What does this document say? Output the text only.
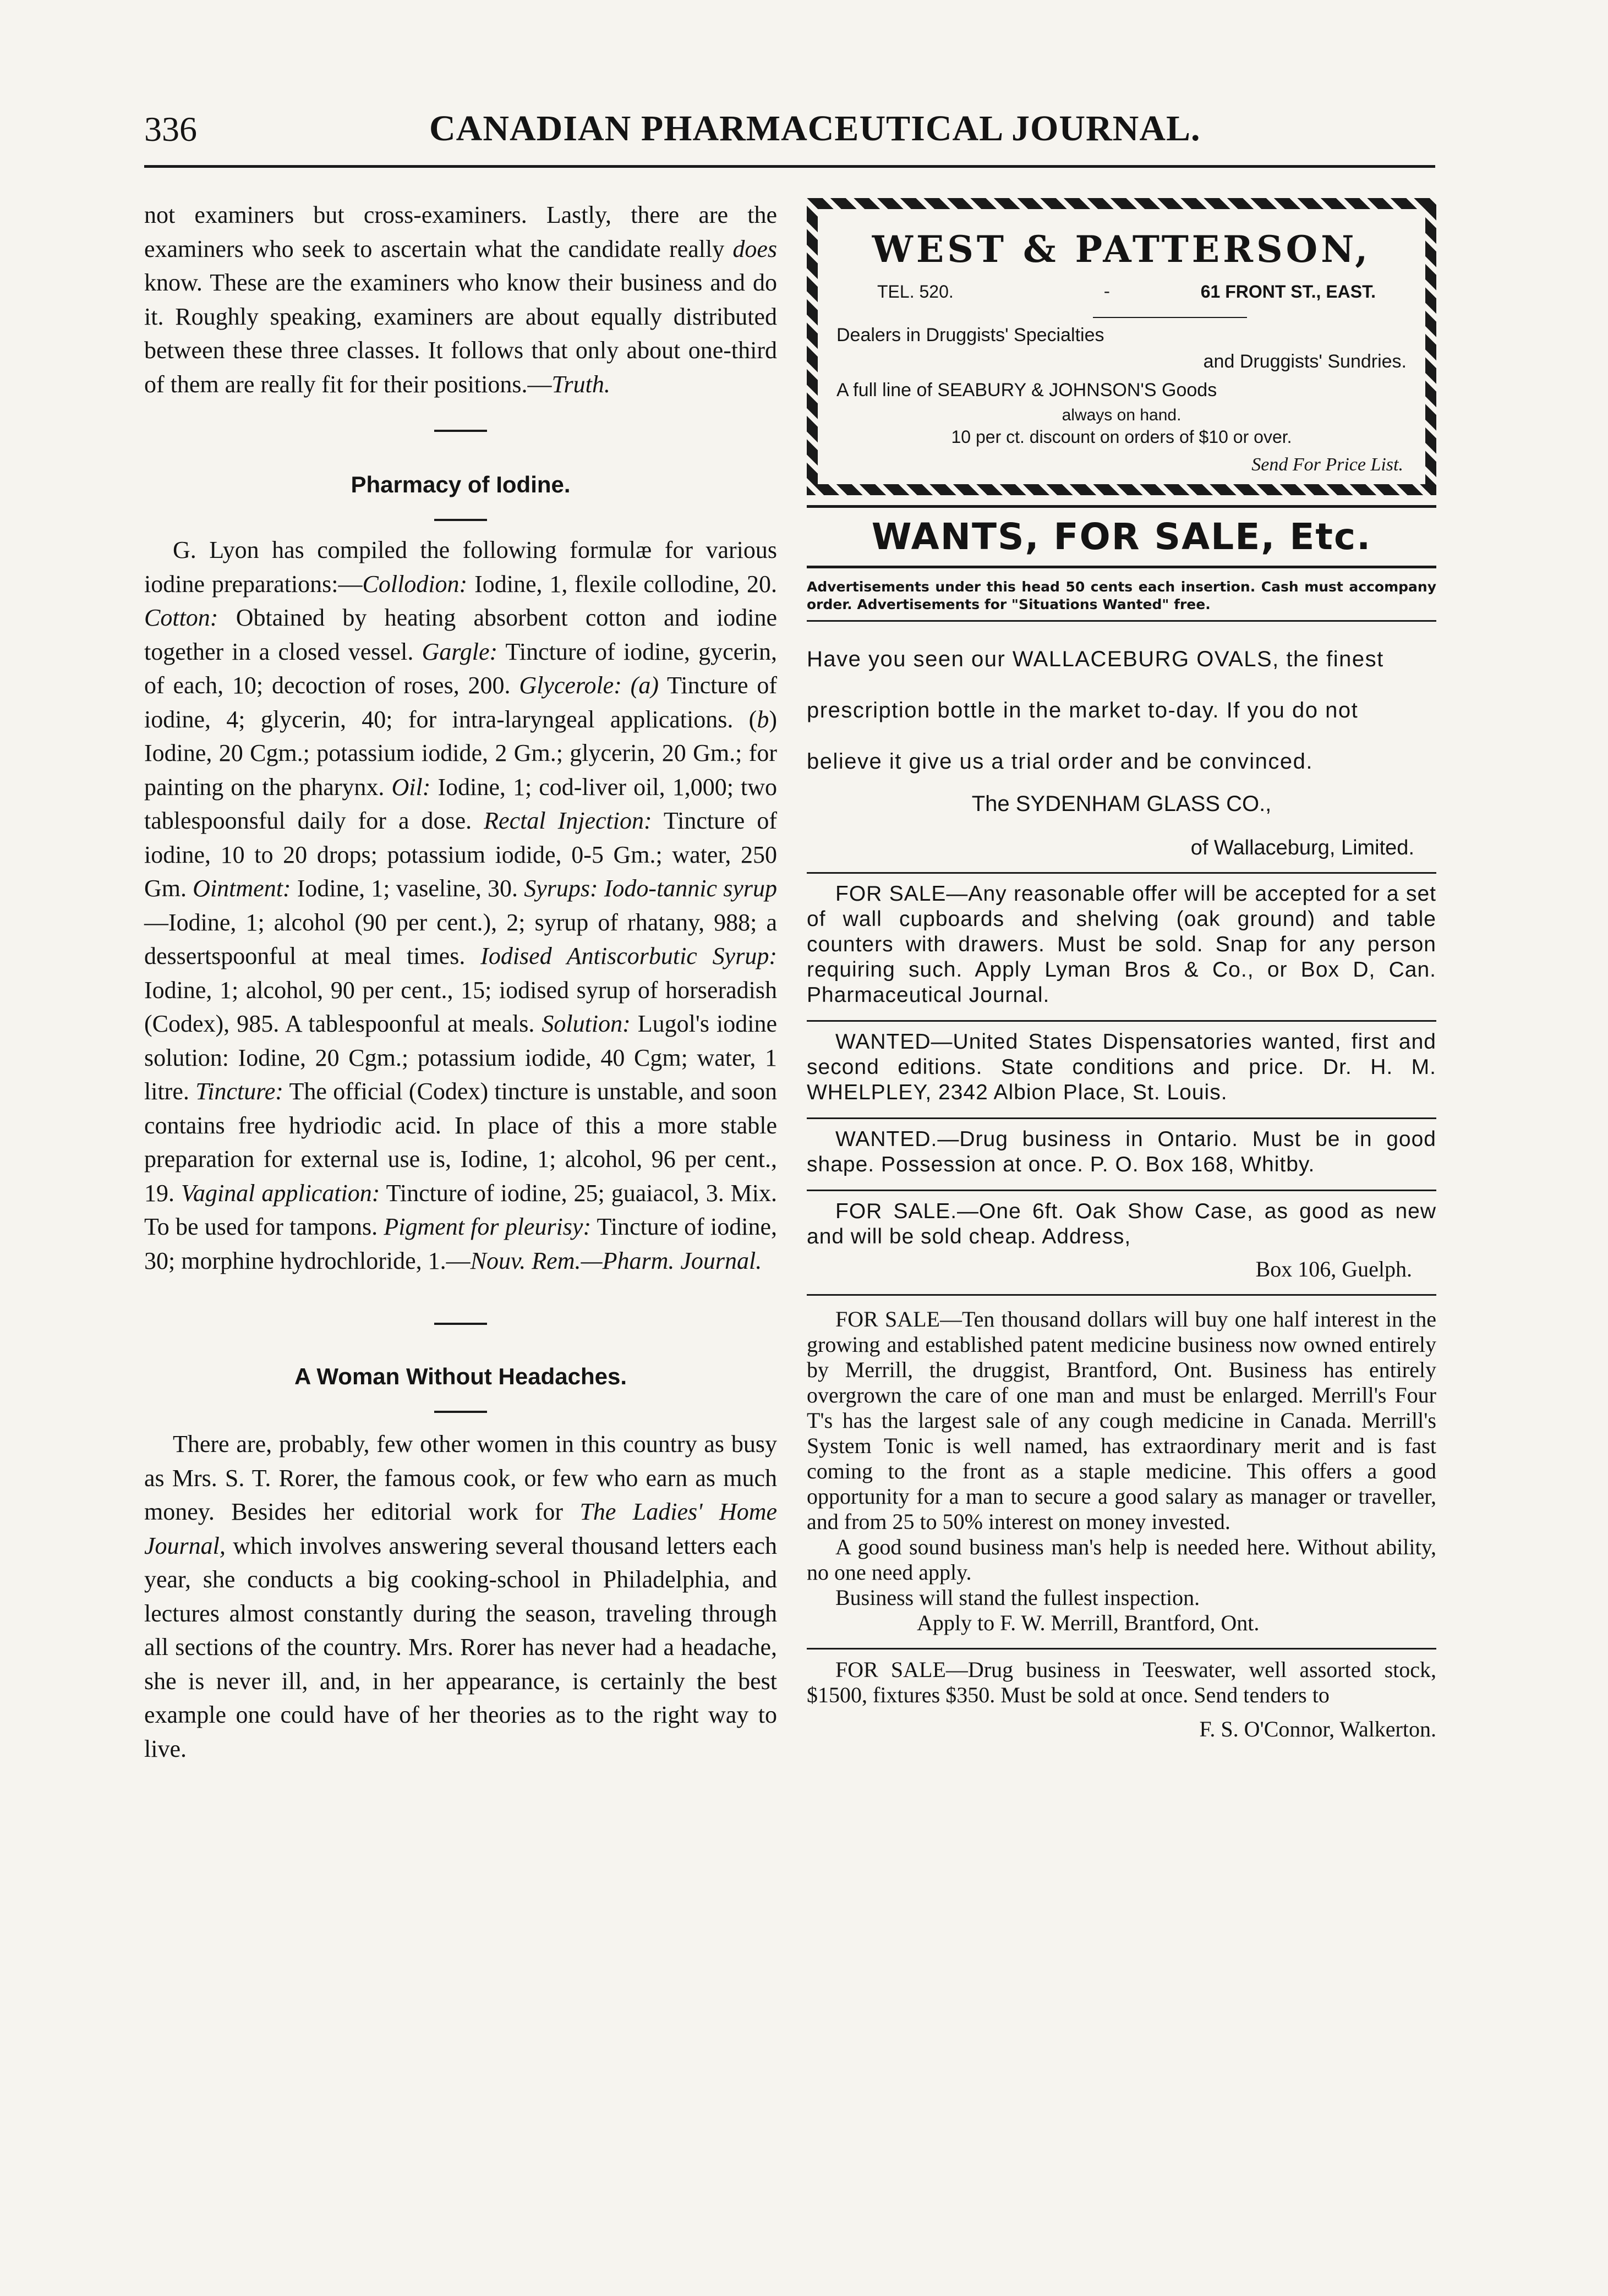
336	CANADIAN PHARMACEUTICAL JOURNAL.

not examiners but cross-examiners. Lastly, there are the examiners who seek to ascertain what the candidate really does know. These are the examiners who know their business and do it. Roughly speaking, examiners are about equally distributed between these three classes. It follows that only about one-third of them are really fit for their positions.—Truth.

Pharmacy of Iodine.

G. Lyon has compiled the following formulæ for various iodine preparations:—Collodion: Iodine, 1, flexile collodine, 20. Cotton: Obtained by heating absorbent cotton and iodine together in a closed vessel. Gargle: Tincture of iodine, gycerin, of each, 10; decoction of roses, 200. Glycerole: (a) Tincture of iodine, 4; glycerin, 40; for intra-laryngeal applications. (b) Iodine, 20 Cgm.; potassium iodide, 2 Gm.; glycerin, 20 Gm.; for painting on the pharynx. Oil: Iodine, 1; cod-liver oil, 1,000; two tablespoonsful daily for a dose. Rectal Injection: Tincture of iodine, 10 to 20 drops; potassium iodide, 0-5 Gm.; water, 250 Gm. Ointment: Iodine, 1; vaseline, 30. Syrups: Iodo-tannic syrup—Iodine, 1; alcohol (90 per cent.), 2; syrup of rhatany, 988; a dessertspoonful at meal times. Iodised Antiscorbutic Syrup: Iodine, 1; alcohol, 90 per cent., 15; iodised syrup of horseradish (Codex), 985. A tablespoonful at meals. Solution: Lugol's iodine solution: Iodine, 20 Cgm.; potassium iodide, 40 Cgm; water, 1 litre. Tincture: The official (Codex) tincture is unstable, and soon contains free hydriodic acid. In place of this a more stable preparation for external use is, Iodine, 1; alcohol, 96 per cent., 19. Vaginal application: Tincture of iodine, 25; guaiacol, 3. Mix. To be used for tampons. Pigment for pleurisy: Tincture of iodine, 30; morphine hydrochloride, 1.—Nouv. Rem.—Pharm. Journal.

A Woman Without Headaches.

There are, probably, few other women in this country as busy as Mrs. S. T. Rorer, the famous cook, or few who earn as much money. Besides her editorial work for The Ladies' Home Journal, which involves answering several thousand letters each year, she conducts a big cooking-school in Philadelphia, and lectures almost constantly during the season, traveling through all sections of the country. Mrs. Rorer has never had a headache, she is never ill, and, in her appearance, is certainly the best example one could have of her theories as to the right way to live.

WEST & PATTERSON,
TEL. 520.	-	61 FRONT ST., EAST.
Dealers in Druggists' Specialties
and Druggists' Sundries.
A full line of SEABURY & JOHNSON'S Goods
always on hand.
10 per ct. discount on orders of $10 or over.
Send For Price List.
WANTS, FOR SALE, Etc.

Advertisements under this head 50 cents each insertion. Cash must accompany order. Advertisements for "Situations Wanted" free.

Have you seen our WALLACEBURG OVALS, the finest prescription bottle in the market to-day. If you do not believe it give us a trial order and be convinced.

The SYDENHAM GLASS CO.,
of Wallaceburg, Limited.

FOR SALE—Any reasonable offer will be accepted for a set of wall cupboards and shelving (oak ground) and table counters with drawers. Must be sold. Snap for any person requiring such. Apply Lyman Bros & Co., or Box D, Can. Pharmaceutical Journal.

WANTED—United States Dispensatories wanted, first and second editions. State conditions and price. Dr. H. M. WHELPLEY, 2342 Albion Place, St. Louis.

WANTED.—Drug business in Ontario. Must be in good shape. Possession at once. P. O. Box 168, Whitby.

FOR SALE.—One 6ft. Oak Show Case, as good as new and will be sold cheap. Address,

Box 106, Guelph.

FOR SALE—Ten thousand dollars will buy one half interest in the growing and established patent medicine business now owned entirely by Merrill, the druggist, Brantford, Ont. Business has entirely overgrown the care of one man and must be enlarged. Merrill's Four T's has the largest sale of any cough medicine in Canada. Merrill's System Tonic is well named, has extraordinary merit and is fast coming to the front as a staple medicine. This offers a good opportunity for a man to secure a good salary as manager or traveller, and from 25 to 50% interest on money invested.

A good sound business man's help is needed here. Without ability, no one need apply.

Business will stand the fullest inspection.

Apply to F. W. Merrill, Brantford, Ont.

FOR SALE—Drug business in Teeswater, well assorted stock, $1500, fixtures $350. Must be sold at once. Send tenders to

F. S. O'Connor, Walkerton.
